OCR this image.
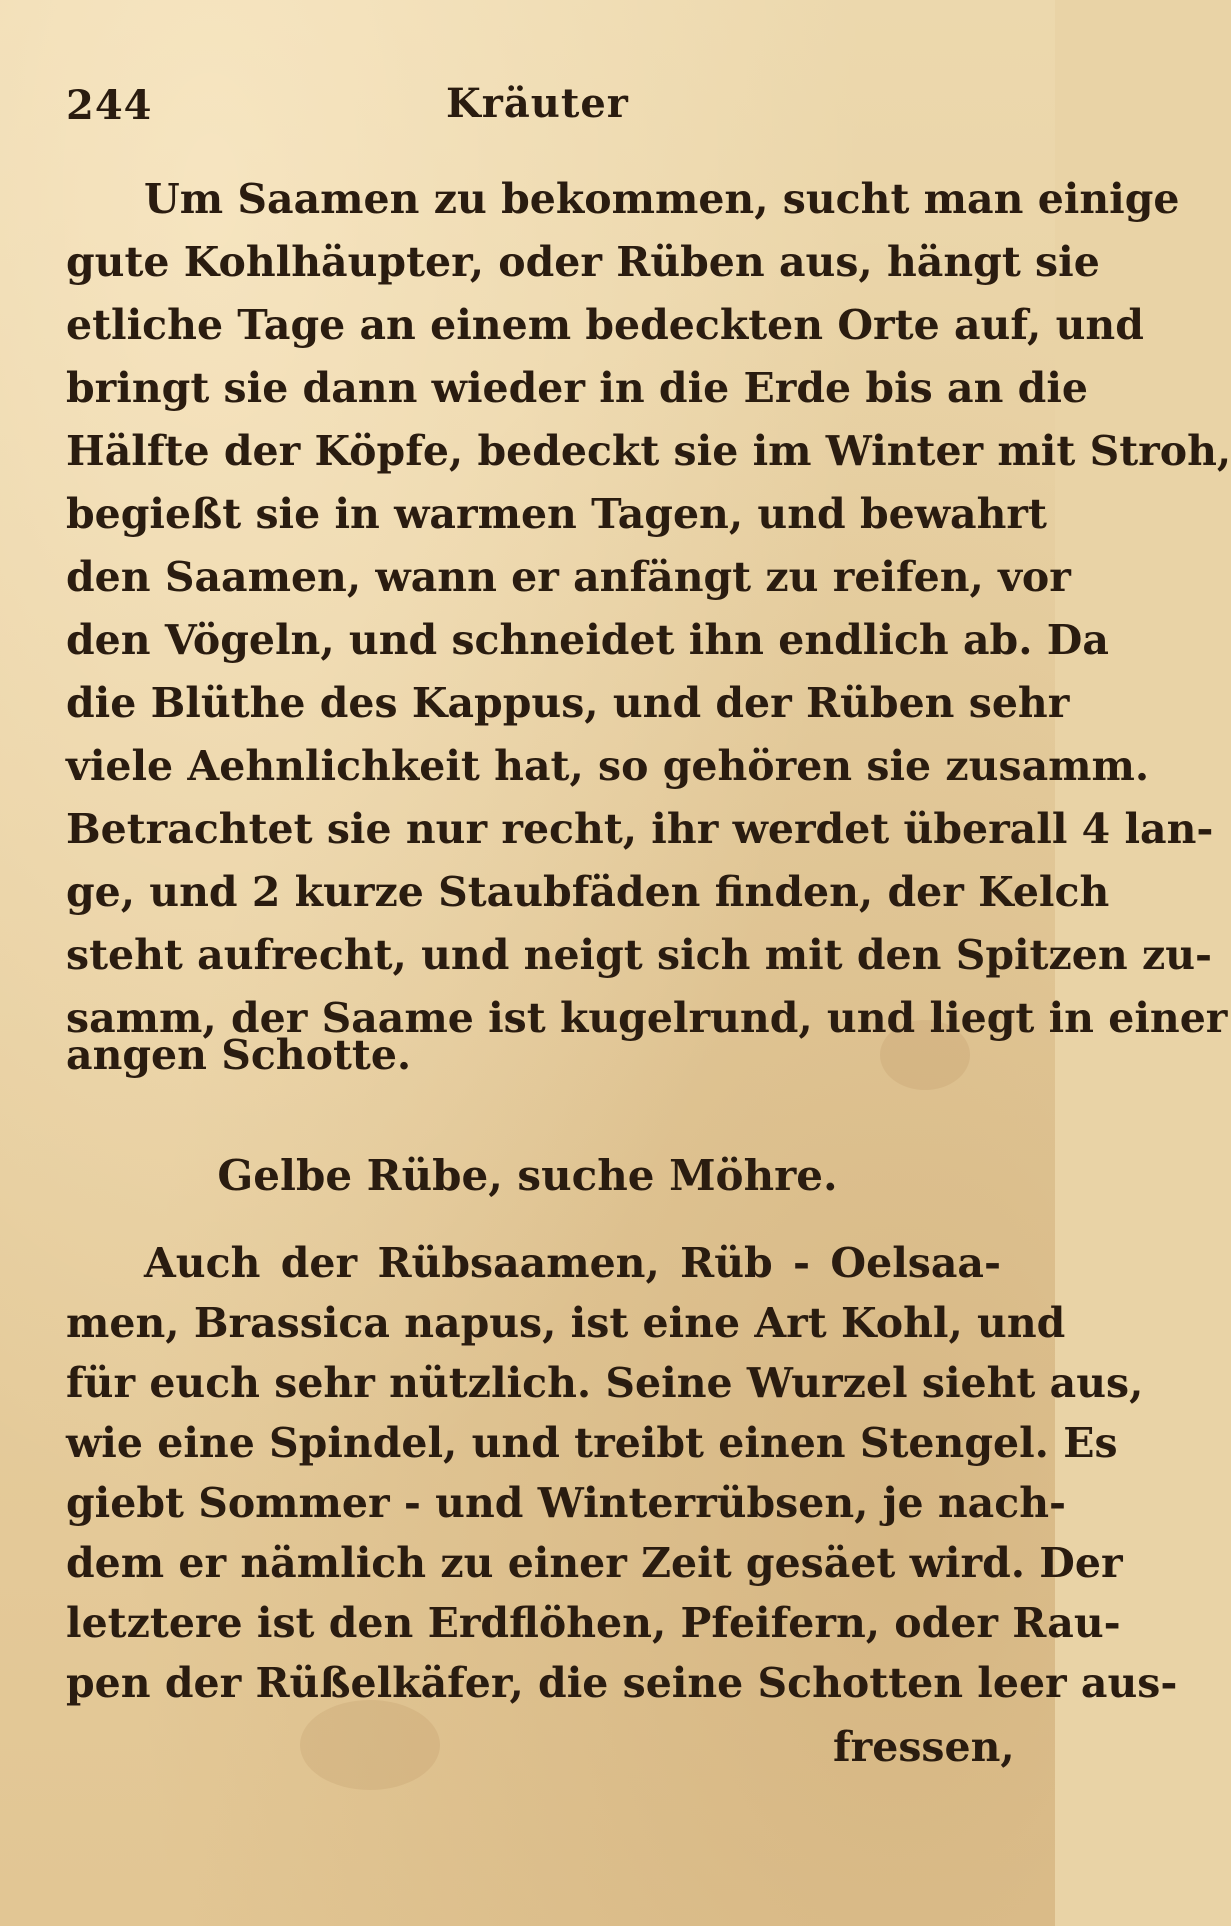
244	Kräuter
Um Saamen zu bekommen, sucht man einige
gute Kohlhäupter, oder Rüben aus, hängt sie
etliche Tage an einem bedeckten Orte auf, und
bringt sie dann wieder in die Erde bis an die
Hälfte der Köpfe, bedeckt sie im Winter mit Stroh,
begießt sie in warmen Tagen, und bewahrt
den Saamen, wann er anfängt zu reifen, vor
den Vögeln, und schneidet ihn endlich ab. Da
die Blüthe des Kappus, und der Rüben sehr
viele Aehnlichkeit hat, so gehören sie zusamm.
Betrachtet sie nur recht, ihr werdet überall 4 lan-
ge, und 2 kurze Staubfäden finden, der Kelch
steht aufrecht, und neigt sich mit den Spitzen zu-
samm, der Saame ist kugelrund, und liegt in einer
angen Schotte.
Gelbe Rübe, suche Möhre.
Auch der Rübsaamen, Rüb - Oelsaa-
men, Brassica napus, ist eine Art Kohl, und
für euch sehr nützlich. Seine Wurzel sieht aus,
wie eine Spindel, und treibt einen Stengel. Es
giebt Sommer - und Winterrübsen, je nach-
dem er nämlich zu einer Zeit gesäet wird. Der
letztere ist den Erdflöhen, Pfeifern, oder Rau-
pen der Rüßelkäfer, die seine Schotten leer aus-
fressen,
